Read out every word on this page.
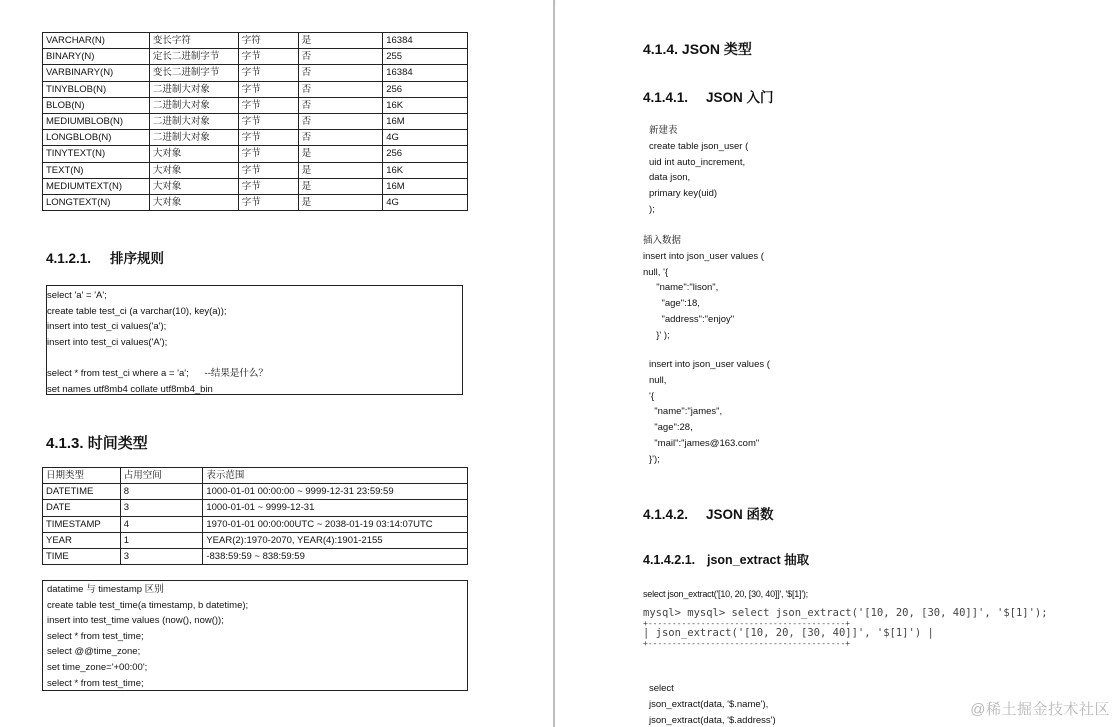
VARCHAR(N)	变长字符	字符	是	16384
BINARY(N)	定长二进制字节	字节	否	255
VARBINARY(N)	变长二进制字节	字节	否	16384
TINYBLOB(N)	二进制大对象	字节	否	256
BLOB(N)	二进制大对象	字节	否	16K
MEDIUMBLOB(N)	二进制大对象	字节	否	16M
LONGBLOB(N)	二进制大对象	字节	否	4G
TINYTEXT(N)	大对象	字节	是	256
TEXT(N)	大对象	字节	是	16K
MEDIUMTEXT(N)	大对象	字节	是	16M
LONGTEXT(N)	大对象	字节	是	4G
4.1.2.1. 排序规则
select 'a' = 'A';
create table test_ci (a varchar(10), key(a));
insert into test_ci values('a');
insert into test_ci values('A');
select * from test_ci where a = 'a';      --结果是什么？
set names utf8mb4 collate utf8mb4_bin
4.1.3. 时间类型
日期类型	占用空间	表示范围
DATETIME	8	1000-01-01 00:00:00 ~ 9999-12-31 23:59:59
DATE	3	1000-01-01 ~ 9999-12-31
TIMESTAMP	4	1970-01-01 00:00:00UTC ~ 2038-01-19 03:14:07UTC
YEAR	1	YEAR(2):1970-2070, YEAR(4):1901-2155
TIME	3	-838:59:59 ~ 838:59:59
datatime 与 timestamp 区别
create table test_time(a timestamp, b datetime);
insert into test_time values (now(), now());
select * from test_time;
select @@time_zone;
set time_zone='+00:00';
select * from test_time;
4.1.4. JSON 类型
4.1.4.1. JSON 入门
新建表
create table json_user (
uid int auto_increment,
data json,
primary key(uid)
);
插入数据
insert into json_user values (
null, '{
"name":"lison",
"age":18,
"address":"enjoy"
}' );
insert into json_user values (
null,
'{
"name":"james",
"age":28,
"mail":"james@163.com"
}');
4.1.4.2. JSON 函数
4.1.4.2.1. json_extract 抽取
select json_extract('[10, 20, [30, 40]]', '$[1]');
mysql> mysql> select json_extract('[10, 20, [30, 40]]', '$[1]');
+-----------------------------------------+
| json_extract('[10, 20, [30, 40]]', '$[1]') |
+-----------------------------------------+
select
json_extract(data, '$.name'),
json_extract(data, '$.address')
@稀土掘金技术社区
